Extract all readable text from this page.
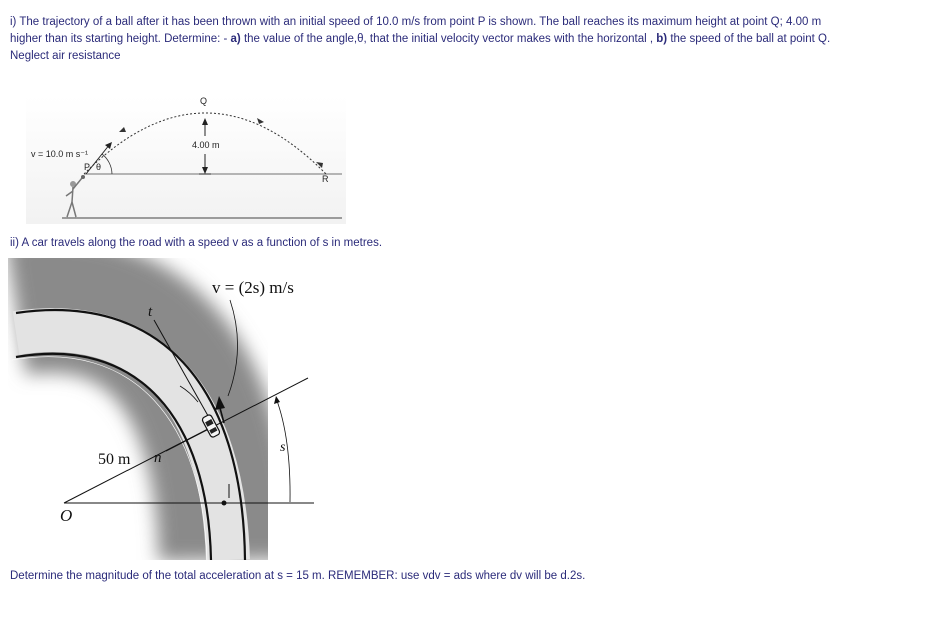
i) The trajectory of a ball after it has been thrown with an initial speed of 10.0 m/s from point P is shown. The ball reaches its maximum height at point Q; 4.00 m
higher than its starting height. Determine: - a) the value of the angle,θ, that the initial velocity vector makes with the horizontal , b) the speed of the ball at point Q.
Neglect air resistance
Q
4.00 m
v = 10.0 m s⁻¹
P θ
R
ii) A car travels along the road with a speed v as a function of s in metres.
v = (2s) m/s
t
50 m n
s
O
Determine the magnitude of the total acceleration at s = 15 m. REMEMBER: use vdv = ads where dv will be d.2s.
